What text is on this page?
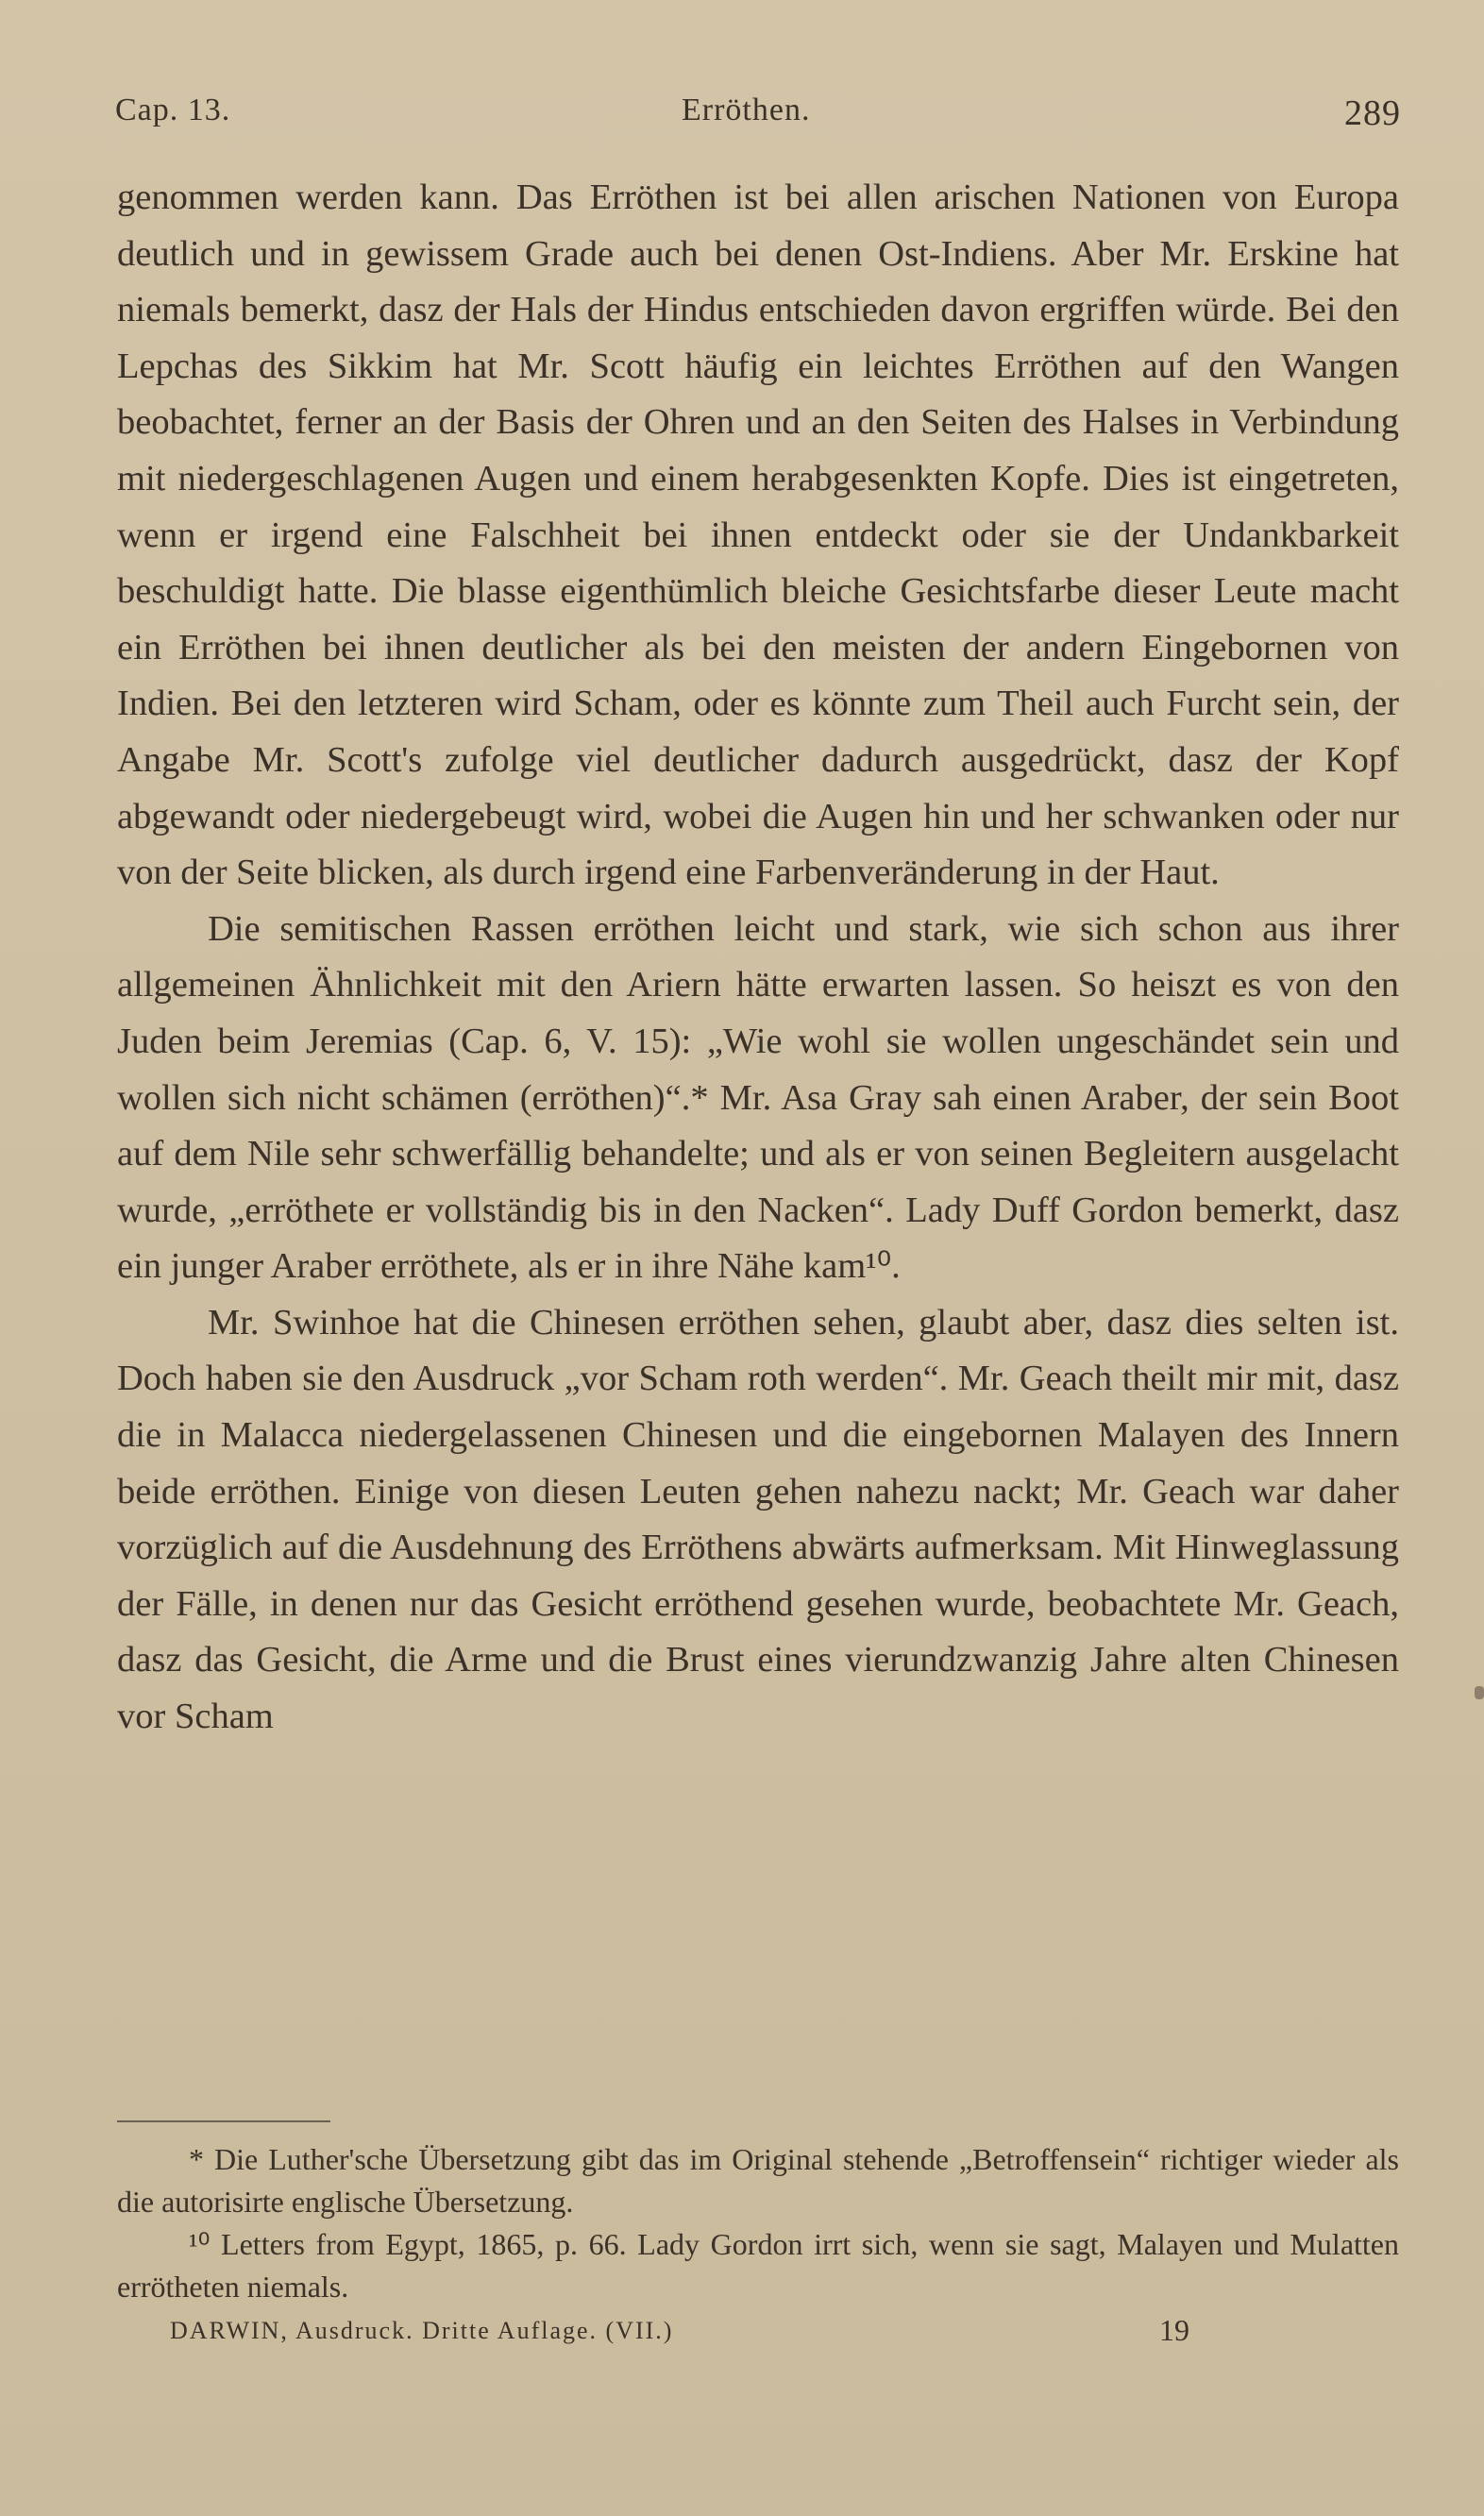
Cap. 13.	Erröthen.	289

genommen werden kann. Das Erröthen ist bei allen arischen Nationen von Europa deutlich und in gewissem Grade auch bei denen Ost-Indiens. Aber Mr. Erskine hat niemals bemerkt, dasz der Hals der Hindus entschieden davon ergriffen würde. Bei den Lepchas des Sikkim hat Mr. Scott häufig ein leichtes Erröthen auf den Wangen beobachtet, ferner an der Basis der Ohren und an den Seiten des Halses in Verbindung mit niedergeschlagenen Augen und einem herabgesenkten Kopfe. Dies ist eingetreten, wenn er irgend eine Falschheit bei ihnen entdeckt oder sie der Undankbarkeit beschuldigt hatte. Die blasse eigenthümlich bleiche Gesichtsfarbe dieser Leute macht ein Erröthen bei ihnen deutlicher als bei den meisten der andern Eingebornen von Indien. Bei den letzteren wird Scham, oder es könnte zum Theil auch Furcht sein, der Angabe Mr. Scott's zufolge viel deutlicher dadurch ausgedrückt, dasz der Kopf abgewandt oder niedergebeugt wird, wobei die Augen hin und her schwanken oder nur von der Seite blicken, als durch irgend eine Farbenveränderung in der Haut.

Die semitischen Rassen erröthen leicht und stark, wie sich schon aus ihrer allgemeinen Ähnlichkeit mit den Ariern hätte erwarten lassen. So heiszt es von den Juden beim Jeremias (Cap. 6, V. 15): „Wie wohl sie wollen ungeschändet sein und wollen sich nicht schämen (erröthen)“.* Mr. Asa Gray sah einen Araber, der sein Boot auf dem Nile sehr schwerfällig behandelte; und als er von seinen Begleitern ausgelacht wurde, „erröthete er vollständig bis in den Nacken“. Lady Duff Gordon bemerkt, dasz ein junger Araber erröthete, als er in ihre Nähe kam¹⁰.

Mr. Swinhoe hat die Chinesen erröthen sehen, glaubt aber, dasz dies selten ist. Doch haben sie den Ausdruck „vor Scham roth werden“. Mr. Geach theilt mir mit, dasz die in Malacca niedergelassenen Chinesen und die eingebornen Malayen des Innern beide erröthen. Einige von diesen Leuten gehen nahezu nackt; Mr. Geach war daher vorzüglich auf die Ausdehnung des Erröthens abwärts aufmerksam. Mit Hinweglassung der Fälle, in denen nur das Gesicht erröthend gesehen wurde, beobachtete Mr. Geach, dasz das Gesicht, die Arme und die Brust eines vierundzwanzig Jahre alten Chinesen vor Scham

* Die Luther'sche Übersetzung gibt das im Original stehende „Betroffensein“ richtiger wieder als die autorisirte englische Übersetzung.

¹⁰ Letters from Egypt, 1865, p. 66. Lady Gordon irrt sich, wenn sie sagt, Malayen und Mulatten errötheten niemals.

DARWIN, Ausdruck. Dritte Auflage. (VII.)	19
